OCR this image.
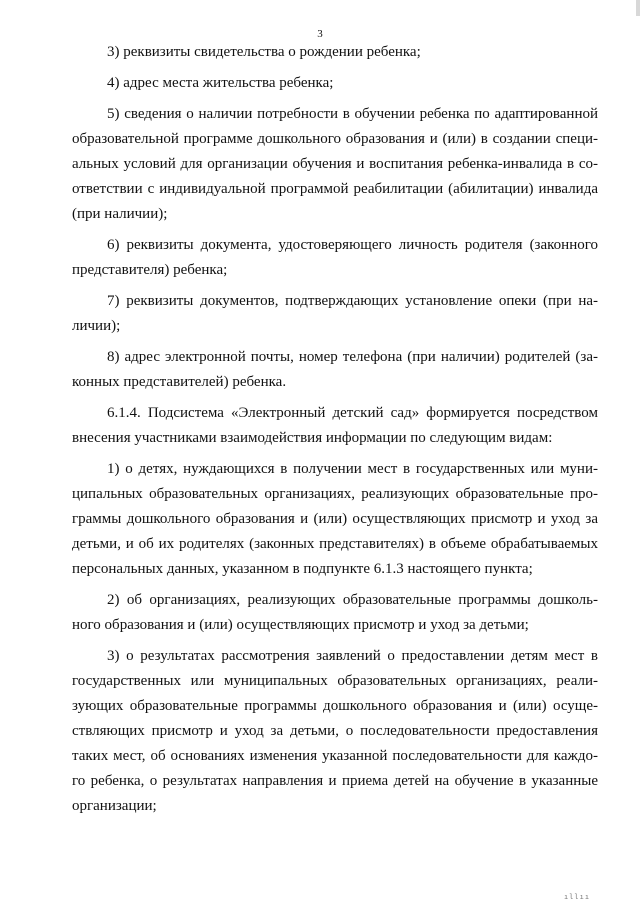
3
3) реквизиты свидетельства о рождении ребенка;
4) адрес места жительства ребенка;
5) сведения о наличии потребности в обучении ребенка по адаптированной
образовательной программе дошкольного образования и (или) в создании специ-
альных условий для организации обучения и воспитания ребенка-инвалида в со-
ответствии с индивидуальной программой реабилитации (абилитации) инвалида
(при наличии);
6) реквизиты документа, удостоверяющего личность родителя (законного
представителя) ребенка;
7) реквизиты документов, подтверждающих установление опеки (при на-
личии);
8) адрес электронной почты, номер телефона (при наличии) родителей (за-
конных представителей) ребенка.
6.1.4. Подсистема «Электронный детский сад» формируется посредством
внесения участниками взаимодействия информации по следующим видам:
1) о детях, нуждающихся в получении мест в государственных или муни-
ципальных образовательных организациях, реализующих образовательные про-
граммы дошкольного образования и (или) осуществляющих присмотр и уход за
детьми, и об их родителях (законных представителях) в объеме обрабатываемых
персональных данных, указанном в подпункте 6.1.3 настоящего пункта;
2) об организациях, реализующих образовательные программы дошколь-
ного образования и (или) осуществляющих присмотр и уход за детьми;
3) о результатах рассмотрения заявлений о предоставлении детям мест в
государственных или муниципальных образовательных организациях, реали-
зующих образовательные программы дошкольного образования и (или) осуще-
ствляющих присмотр и уход за детьми, о последовательности предоставления
таких мест, об основаниях изменения указанной последовательности для каждо-
го ребенка, о результатах направления и приема детей на обучение в указанные
организации;
ıllıı
